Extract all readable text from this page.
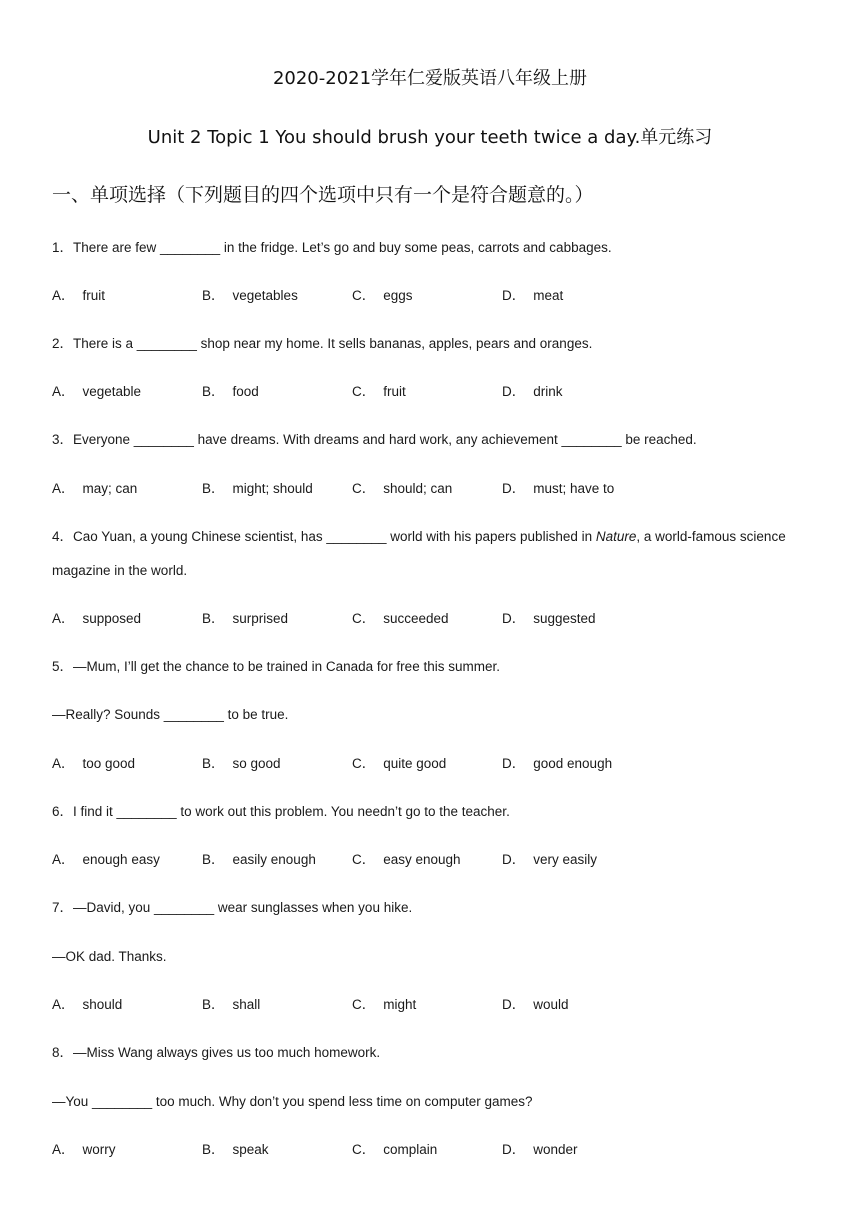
2020-2021学年仁爱版英语八年级上册
Unit 2 Topic 1 You should brush your teeth twice a day.单元练习
一、单项选择（下列题目的四个选项中只有一个是符合题意的。）
1．There are few ________ in the fridge. Let’s go and buy some peas, carrots and cabbages.
A． fruit	B． vegetables	C． eggs	D． meat
2．There is a ________ shop near my home. It sells bananas, apples, pears and oranges.
A． vegetable	B． food	C． fruit	D． drink
3．Everyone ________ have dreams. With dreams and hard work, any achievement ________ be reached.
A． may; can	B． might; should	C． should; can	D． must; have to
4．Cao Yuan, a young Chinese scientist, has ________ world with his papers published in Nature, a world-famous science
magazine in the world.
A． supposed	B． surprised	C． succeeded	D． suggested
5．—Mum, I’ll get the chance to be trained in Canada for free this summer.
—Really? Sounds ________ to be true.
A． too good	B． so good	C． quite good	D． good enough
6．I find it ________ to work out this problem. You needn’t go to the teacher.
A． enough easy	B． easily enough	C． easy enough	D． very easily
7．—David, you ________ wear sunglasses when you hike.
—OK dad. Thanks.
A． should	B． shall	C． might	D． would
8．—Miss Wang always gives us too much homework.
—You ________ too much. Why don’t you spend less time on computer games?
A． worry	B． speak	C． complain	D． wonder
